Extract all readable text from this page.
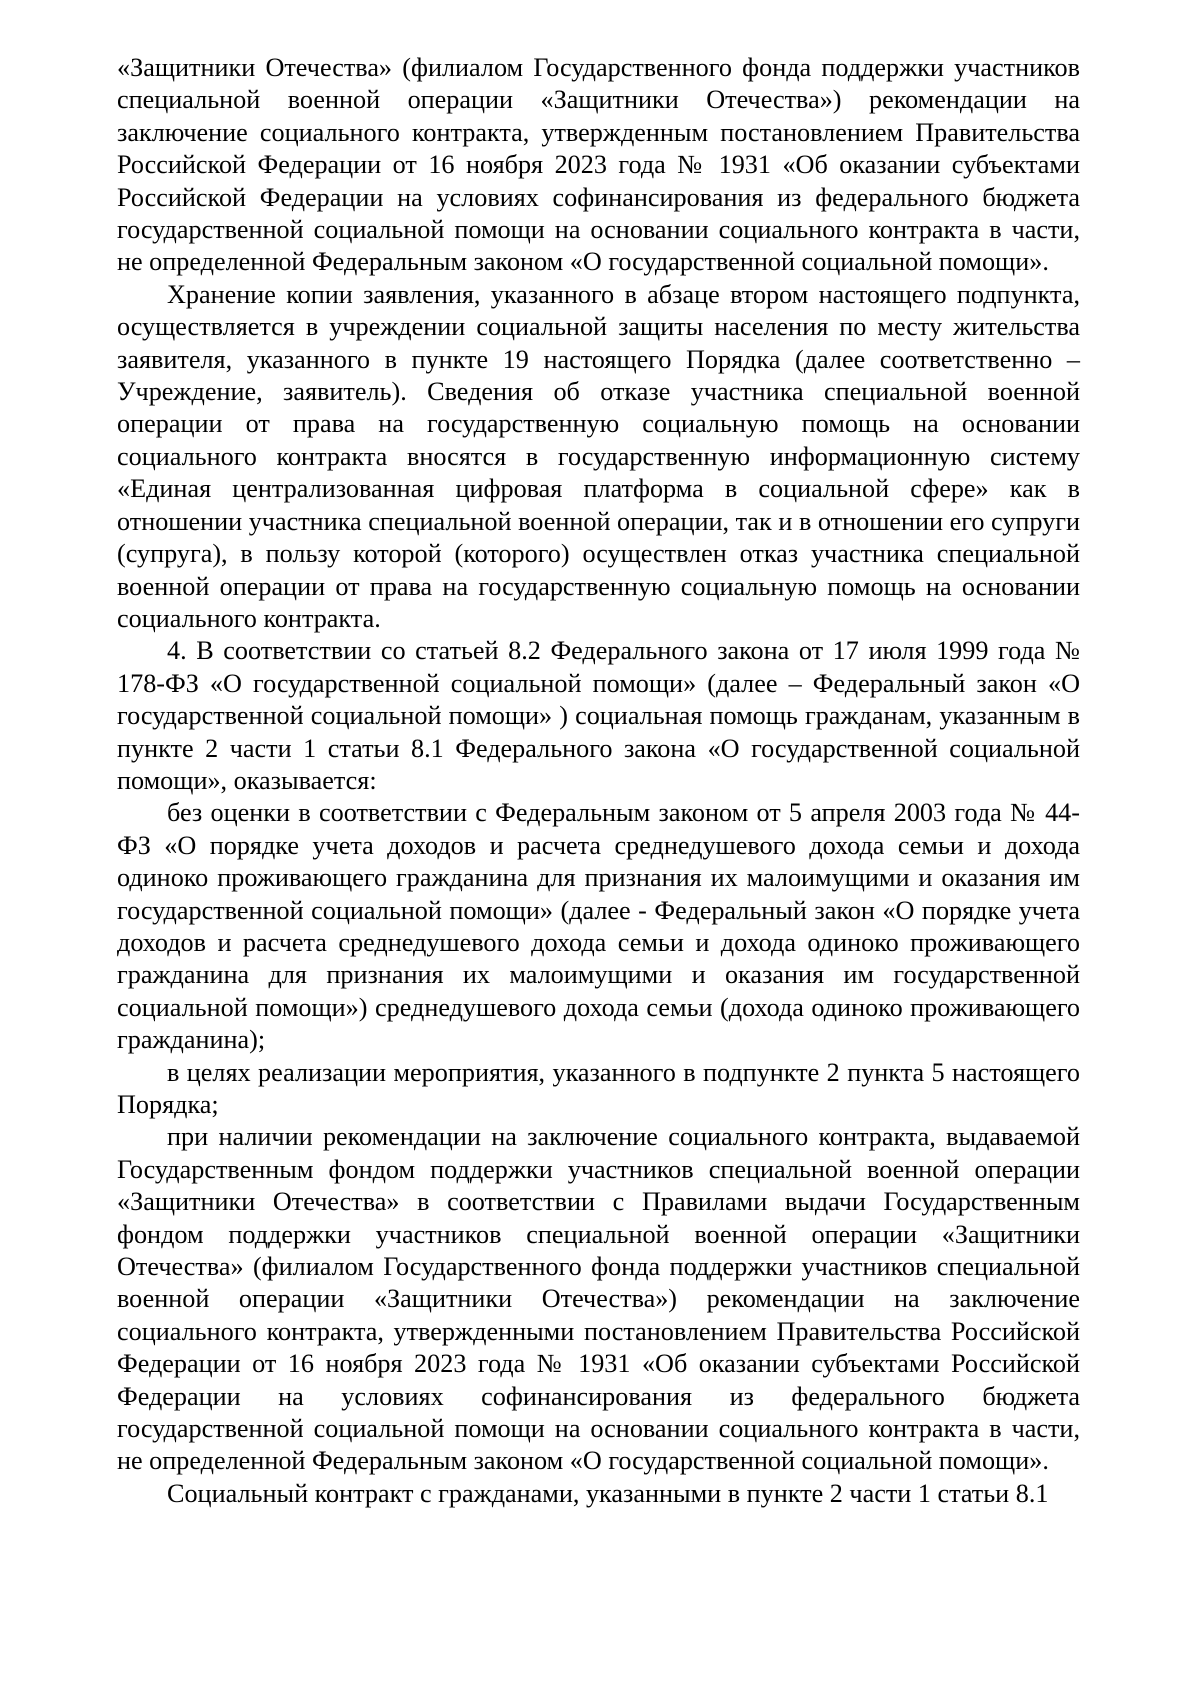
«Защитники Отечества» (филиалом Государственного фонда поддержки участников специальной военной операции «Защитники Отечества») рекомендации на заключение социального контракта, утвержденным постановлением Правительства Российской Федерации от 16 ноября 2023 года № 1931 «Об оказании субъектами Российской Федерации на условиях софинансирования из федерального бюджета государственной социальной помощи на основании социального контракта в части, не определенной Федеральным законом «О государственной социальной помощи».

Хранение копии заявления, указанного в абзаце втором настоящего подпункта, осуществляется в учреждении социальной защиты населения по месту жительства заявителя, указанного в пункте 19 настоящего Порядка (далее соответственно – Учреждение, заявитель). Сведения об отказе участника специальной военной операции от права на государственную социальную помощь на основании социального контракта вносятся в государственную информационную систему «Единая централизованная цифровая платформа в социальной сфере» как в отношении участника специальной военной операции, так и в отношении его супруги (супруга), в пользу которой (которого) осуществлен отказ участника специальной военной операции от права на государственную социальную помощь на основании социального контракта.

4. В соответствии со статьей 8.2 Федерального закона от 17 июля 1999 года № 178-ФЗ «О государственной социальной помощи» (далее – Федеральный закон «О государственной социальной помощи» ) социальная помощь гражданам, указанным в пункте 2 части 1 статьи 8.1 Федерального закона «О государственной социальной помощи», оказывается:

без оценки в соответствии с Федеральным законом от 5 апреля 2003 года № 44-ФЗ «О порядке учета доходов и расчета среднедушевого дохода семьи и дохода одиноко проживающего гражданина для признания их малоимущими и оказания им государственной социальной помощи» (далее - Федеральный закон «О порядке учета доходов и расчета среднедушевого дохода семьи и дохода одиноко проживающего гражданина для признания их малоимущими и оказания им государственной социальной помощи») среднедушевого дохода семьи (дохода одиноко проживающего гражданина);

в целях реализации мероприятия, указанного в подпункте 2 пункта 5 настоящего Порядка;

при наличии рекомендации на заключение социального контракта, выдаваемой Государственным фондом поддержки участников специальной военной операции «Защитники Отечества» в соответствии с Правилами выдачи Государственным фондом поддержки участников специальной военной операции «Защитники Отечества» (филиалом Государственного фонда поддержки участников специальной военной операции «Защитники Отечества») рекомендации на заключение социального контракта, утвержденными постановлением Правительства Российской Федерации от 16 ноября 2023 года № 1931 «Об оказании субъектами Российской Федерации на условиях софинансирования из федерального бюджета государственной социальной помощи на основании социального контракта в части, не определенной Федеральным законом «О государственной социальной помощи».

Социальный контракт с гражданами, указанными в пункте 2 части 1 статьи 8.1
